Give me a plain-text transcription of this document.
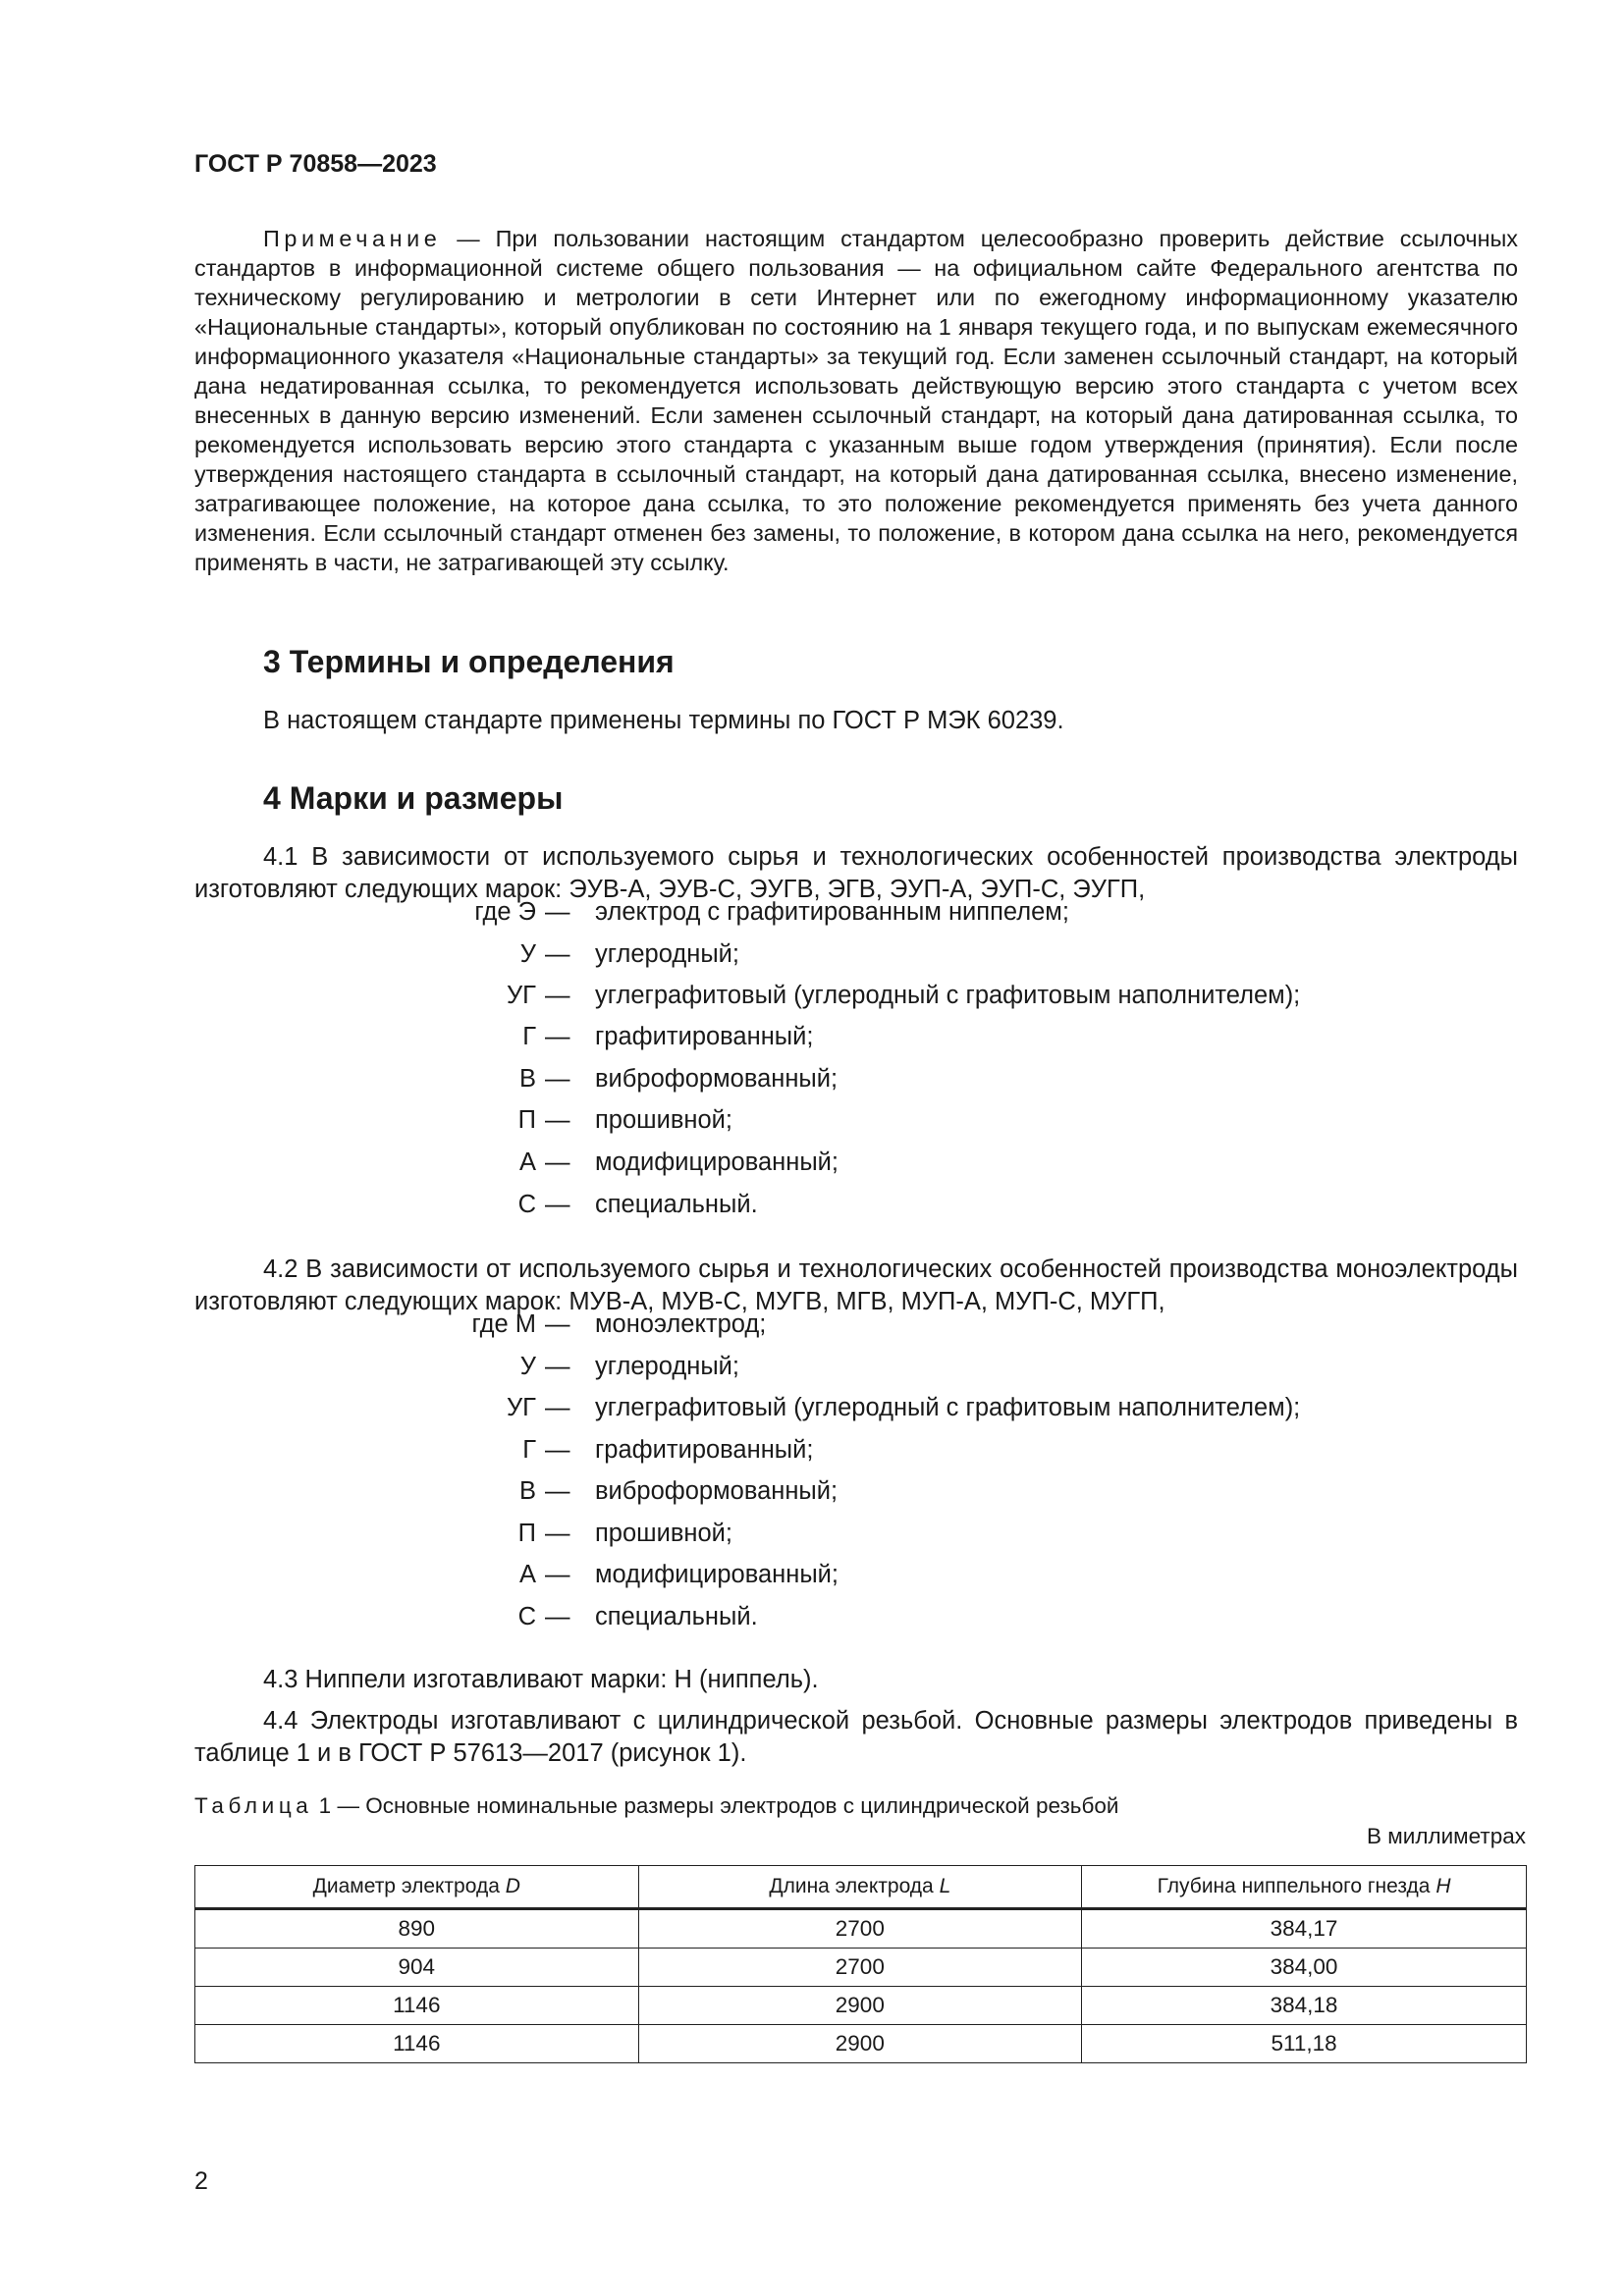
ГОСТ Р 70858—2023

Примечание — При пользовании настоящим стандартом целесообразно проверить действие ссылочных стандартов в информационной системе общего пользования — на официальном сайте Федерального агентства по техническому регулированию и метрологии в сети Интернет или по ежегодному информационному указателю «Национальные стандарты», который опубликован по состоянию на 1 января текущего года, и по выпускам ежемесячного информационного указателя «Национальные стандарты» за текущий год. Если заменен ссылочный стандарт, на который дана недатированная ссылка, то рекомендуется использовать действующую версию этого стандарта с учетом всех внесенных в данную версию изменений. Если заменен ссылочный стандарт, на который дана датированная ссылка, то рекомендуется использовать версию этого стандарта с указанным выше годом утверждения (принятия). Если после утверждения настоящего стандарта в ссылочный стандарт, на который дана датированная ссылка, внесено изменение, затрагивающее положение, на которое дана ссылка, то это положение рекомендуется применять без учета данного изменения. Если ссылочный стандарт отменен без замены, то положение, в котором дана ссылка на него, рекомендуется применять в части, не затрагивающей эту ссылку.

3 Термины и определения

В настоящем стандарте применены термины по ГОСТ Р МЭК 60239.

4 Марки и размеры

4.1 В зависимости от используемого сырья и технологических особенностей производства электроды изготовляют следующих марок: ЭУВ-А, ЭУВ-С, ЭУГВ, ЭГВ, ЭУП-А, ЭУП-С, ЭУГП,

где Э — электрод с графитированным ниппелем;
У — углеродный;
УГ — углеграфитовый (углеродный с графитовым наполнителем);
Г — графитированный;
В — виброформованный;
П — прошивной;
А — модифицированный;
С — специальный.

4.2 В зависимости от используемого сырья и технологических особенностей производства моноэлектроды изготовляют следующих марок: МУВ-А, МУВ-С, МУГВ, МГВ, МУП-А, МУП-С, МУГП,

где М — моноэлектрод;
У — углеродный;
УГ — углеграфитовый (углеродный с графитовым наполнителем);
Г — графитированный;
В — виброформованный;
П — прошивной;
А — модифицированный;
С — специальный.

4.3 Ниппели изготавливают марки: Н (ниппель).

4.4 Электроды изготавливают с цилиндрической резьбой. Основные размеры электродов приведены в таблице 1 и в ГОСТ Р 57613—2017 (рисунок 1).

Таблица 1 — Основные номинальные размеры электродов с цилиндрической резьбой
В миллиметрах
Диаметр электрода D	Длина электрода L	Глубина ниппельного гнезда H
890	2700	384,17
904	2700	384,00
1146	2900	384,18
1146	2900	511,18
2
